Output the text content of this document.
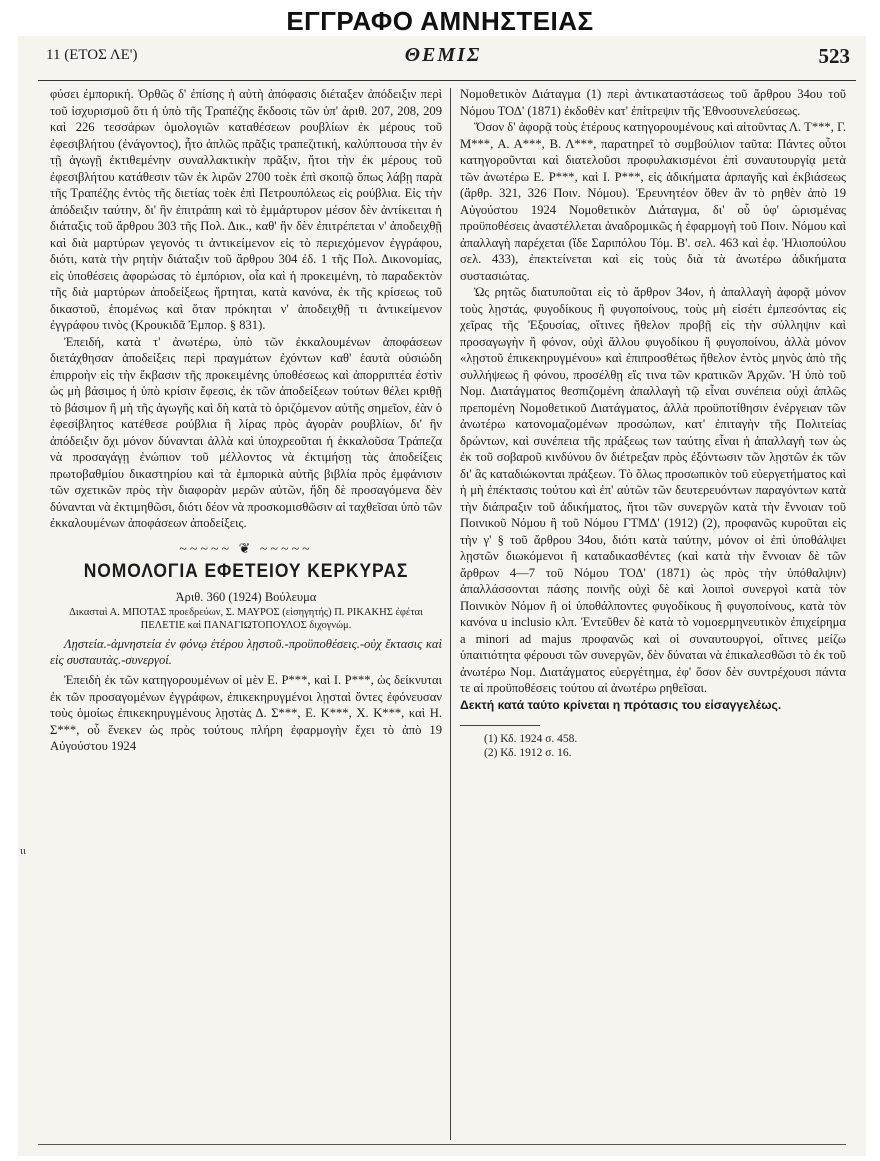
ΕΓΓΡΑΦΟ ΑΜΝΗΣΤΕΙΑΣ
11 (ΕΤΟΣ ΛΕ')	ΘΕΜΙΣ	523

φύσει έμπορική. Ὀρθῶς δ' ἐπίσης ἡ αὐτὴ ἀπόφασις διέταξεν ἀπόδειξιν περὶ τοῦ ἰσχυρισμοῦ ὅτι ἡ ὑπὸ τῆς Τραπέζης ἔκδοσις τῶν ὑπ' ἀριθ. 207, 208, 209 καὶ 226 τεσσάρων ὁμολογιῶν καταθέσεων ρουβλίων ἐκ μέρους τοῦ ἐφεσιβλήτου (ἐνάγοντος), ἦτο ἁπλῶς πρᾶξις τραπεζιτική, καλύπτουσα τὴν ἐν τῇ ἀγωγῇ ἐκτιθεμένην συναλλακτικὴν πρᾶξιν, ἤτοι τὴν ἐκ μέρους τοῦ ἐφεσιβλήτου κατάθεσιν τῶν ἐκ λιρῶν 2700 τοὲκ ἐπὶ σκοπῷ ὅπως λάβῃ παρὰ τῆς Τραπέζης ἐντὸς τῆς διετίας τοὲκ ἐπὶ Πετρουπόλεως εἰς ρούβλια. Εἰς τὴν ἀπόδειξιν ταύτην, δι' ἣν ἐπιτράπη καὶ τὸ ἐμμάρτυρον μέσον δὲν ἀντίκειται ἡ διάταξις τοῦ ἄρθρου 303 τῆς Πολ. Δικ., καθ' ἣν δὲν ἐπιτρέπεται ν' ἀποδειχθῇ καὶ διὰ μαρτύρων γεγονός τι ἀντικείμενον εἰς τὸ περιεχόμενον ἐγγράφου, διότι, κατὰ τὴν ρητὴν διάταξιν τοῦ ἄρθρου 304 ἐδ. 1 τῆς Πολ. Δικονομίας, εἰς ὑποθέσεις ἀφορώσας τὸ ἐμπόριον, οἷα καὶ ἡ προκειμένη, τὸ παραδεκτὸν τῆς διὰ μαρτύρων ἀποδείξεως ἤρτηται, κατὰ κανόνα, ἐκ τῆς κρίσεως τοῦ δικαστοῦ, ἑπομένως καὶ ὅταν πρόκηται ν' ἀποδειχθῇ τι ἀντικείμενον ἐγγράφου τινὸς (Κρουκιδᾶ Ἐμπορ. § 831).

Ἐπειδή, κατὰ τ' ἀνωτέρω, ὑπὸ τῶν ἐκκαλουμένων ἀποφάσεων διετάχθησαν ἀποδείξεις περὶ πραγμάτων ἐχόντων καθ' ἑαυτὰ οὐσιώδη ἐπιρροὴν εἰς τὴν ἔκβασιν τῆς προκειμένης ὑποθέσεως καὶ ἀπορριπτέα ἐστὶν ὡς μὴ βάσιμος ἡ ὑπὸ κρίσιν ἔφεσις, ἐκ τῶν ἀποδείξεων τούτων θέλει κριθῇ τὸ βάσιμον ἢ μὴ τῆς ἀγωγῆς καὶ δὴ κατὰ τὸ ὁριζόμενον αὐτῆς σημεῖον, ἐὰν ὁ ἐφεσίβλητος κατέθεσε ρούβλια ἢ λίρας πρὸς ἀγορὰν ρουβλίων, δι' ἣν ἀπόδειξιν ὄχι μόνον δύνανται ἀλλὰ καὶ ὑποχρεοῦται ἡ ἐκκαλοῦσα Τράπεζα νὰ προσαγάγῃ ἐνώπιον τοῦ μέλλοντος νὰ ἐκτιμήσῃ τὰς ἀποδείξεις πρωτοβαθμίου δικαστηρίου καὶ τὰ ἐμπορικὰ αὐτῆς βιβλία πρὸς ἐμφάνισιν τῶν σχετικῶν πρὸς τὴν διαφορὰν μερῶν αὐτῶν, ἤδη δὲ προσαγόμενα δὲν δύνανται νὰ ἐκτιμηθῶσι, διότι δέον νὰ προσκομισθῶσιν αἱ ταχθεῖσαι ὑπὸ τῶν ἐκκαλουμένων ἀποφάσεων ἀποδείξεις.

~~~~~ ❦ ~~~~~
ΝΟΜΟΛΟΓΙΑ ΕΦΕΤΕΙΟΥ ΚΕΡΚΥΡΑΣ
Ἀριθ. 360 (1924) Βούλευμα
Δικασταὶ Α. ΜΠΟΤΑΣ προεδρεύων, Σ. ΜΑΥΡΟΣ (εἰσηγητής) Π. ΡΙΚΑΚΗΣ ἐφέται ΠΕΛΕΤΙΕ καὶ ΠΑΝΑΓΙΩΤΟΠΟΥΛΟΣ διχογνώμ.

Λῃστεία.-ἀμνηστεία ἐν φόνῳ ἑτέρου λῃστοῦ.-προϋποθέσεις.-οὐχ ἔκτασις καὶ εἰς συσταυτὰς.-συνεργοί.

Ἐπειδὴ ἐκ τῶν κατηγορουμένων οἱ μὲν Ε. Ρ***, καὶ Ι. Ρ***, ὡς δείκνυται ἐκ τῶν προσαγομένων ἐγγράφων, ἐπικεκηρυγμένοι λῃσταὶ ὄντες ἐφόνευσαν τοὺς ὁμοίως ἐπικεκηρυγμένους λῃστὰς Δ. Σ***, Ε. Κ***, Χ. Κ***, καὶ Η. Σ***, οὗ ἕνεκεν ὡς πρὸς τούτους πλήρη ἐφαρμογὴν ἔχει τὸ ἀπὸ 19 Αὐγούστου 1924

ιι

Νομοθετικὸν Διάταγμα (1) περὶ ἀντικαταστάσεως τοῦ ἄρθρου 34ου τοῦ Νόμου ΤΟΔ' (1871) ἐκδοθὲν κατ' ἐπίτρεψιν τῆς Ἐθνοσυνελεύσεως.

Ὅσον δ' ἀφορᾷ τοὺς ἑτέρους κατηγορουμένους καὶ αἰτοῦντας Λ. Τ***, Γ. Μ***, Α. Α***, Β. Λ***, παρατηρεῖ τὸ συμβούλιον ταῦτα: Πάντες οὗτοι κατηγοροῦνται καὶ διατελοῦσι προφυλακισμένοι ἐπὶ συναυτουργίᾳ μετὰ τῶν ἀνωτέρω Ε. Ρ***, καὶ Ι. Ρ***, εἰς ἀδικήματα ἁρπαγῆς καὶ ἐκβιάσεως (ἄρθρ. 321, 326 Ποιν. Νόμου). Ἐρευνητέον ὅθεν ἂν τὸ ρηθὲν ἀπὸ 19 Αὐγούστου 1924 Νομοθετικὸν Διάταγμα, δι' οὗ ὑφ' ὡρισμένας προϋποθέσεις ἀναστέλλεται ἀναδρομικῶς ἡ ἐφαρμογὴ τοῦ Ποιν. Νόμου καὶ ἀπαλλαγὴ παρέχεται (ἴδε Σαριπόλου Τόμ. Β'. σελ. 463 καὶ ἐφ. Ἡλιοπούλου σελ. 433), ἐπεκτείνεται καὶ εἰς τοὺς διὰ τὰ ἀνωτέρω ἀδικήματα συστασιώτας.

Ὡς ρητῶς διατυποῦται εἰς τὸ ἄρθρον 34ον, ἡ ἀπαλλαγὴ ἀφορᾷ μόνον τοὺς λῃστάς, φυγοδίκους ἢ φυγοποίνους, τοὺς μὴ εἰσέτι ἐμπεσόντας εἰς χεῖρας τῆς Ἐξουσίας, οἵτινες ἤθελον προβῇ εἰς τὴν σύλληψιν καὶ προσαγωγὴν ἢ φόνον, οὐχὶ ἄλλου φυγοδίκου ἢ φυγοποίνου, ἀλλὰ μόνον «λῃστοῦ ἐπικεκηρυγμένου» καὶ ἐπιπροσθέτως ἤθελον ἐντὸς μηνὸς ἀπὸ τῆς συλλήψεως ἢ φόνου, προσέλθῃ εἴς τινα τῶν κρατικῶν Ἀρχῶν. Ἡ ὑπὸ τοῦ Νομ. Διατάγματος θεσπιζομένη ἀπαλλαγὴ τῷ εἶναι συνέπεια οὐχὶ ἁπλῶς πρεπομένη Νομοθετικοῦ Διατάγματος, ἀλλὰ προϋποτίθησιν ἐνέργειαν τῶν ἀνωτέρω κατονομαζομένων προσώπων, κατ' ἐπιταγὴν τῆς Πολιτείας δρώντων, καὶ συνέπεια τῆς πράξεως των ταύτης εἶναι ἡ ἀπαλλαγὴ των ὡς ἐκ τοῦ σοβαροῦ κινδύνου ὃν διέτρεξαν πρὸς ἐξόντωσιν τῶν λῃστῶν ἐκ τῶν δι' ἃς καταδιώκονται πράξεων. Τὸ ὅλως προσωπικὸν τοῦ εὐεργετήματος καὶ ἡ μὴ ἐπέκτασις τούτου καὶ ἐπ' αὐτῶν τῶν δευτερευόντων παραγόντων κατὰ τὴν διάπραξιν τοῦ ἀδικήματος, ἤτοι τῶν συνεργῶν κατὰ τὴν ἔννοιαν τοῦ Ποινικοῦ Νόμου ἢ τοῦ Νόμου ΓΤΜΔ' (1912) (2), προφανῶς κυροῦται εἰς τὴν γ' § τοῦ ἄρθρου 34ου, διότι κατὰ ταύτην, μόνον οἱ ἐπὶ ὑποθάλψει λῃστῶν διωκόμενοι ἢ καταδικασθέντες (καὶ κατὰ τὴν ἔννοιαν δὲ τῶν ἄρθρων 4—7 τοῦ Νόμου ΤΟΔ' (1871) ὡς πρὸς τὴν ὑπόθαλψιν) ἀπαλλάσσονται πάσης ποινῆς οὐχὶ δὲ καὶ λοιποὶ συνεργοὶ κατὰ τὸν Ποινικὸν Νόμον ἢ οἱ ὑποθάλποντες φυγοδίκους ἢ φυγοποίνους, κατὰ τὸν κανόνα u inclusio κλπ. Ἐντεῦθεν δὲ κατὰ τὸ νομοερμηνευτικὸν ἐπιχείρημα a minori ad majus προφανῶς καὶ οἱ συναυτουργοί, οἵτινες μείζω ὑπαιτιότητα φέρουσι τῶν συνεργῶν, δὲν δύναται νὰ ἐπικαλεσθῶσι τὸ ἐκ τοῦ ἀνωτέρω Νομ. Διατάγματος εὐεργέτημα, ἐφ' ὅσον δὲν συντρέχουσι πάντα τε αἱ προϋποθέσεις τούτου αἱ ἀνωτέρω ρηθεῖσαι.

Δεκτή κατά ταύτο κρίνεται η πρότασις του εἰσαγγελέως.

(1) Κδ. 1924 σ. 458.
(2) Κδ. 1912 σ. 16.
